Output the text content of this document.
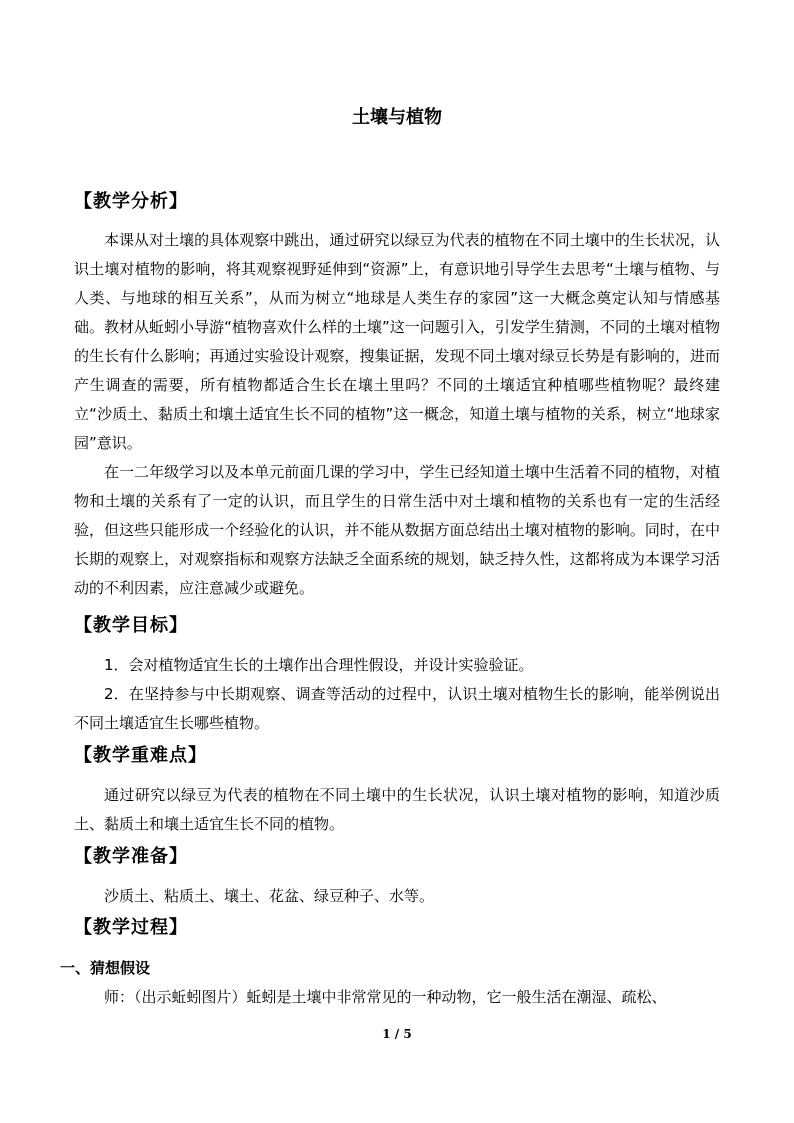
土壤与植物
【教学分析】

本课从对土壤的具体观察中跳出，通过研究以绿豆为代表的植物在不同土壤中的生长状况，认识土壤对植物的影响，将其观察视野延伸到“资源”上，有意识地引导学生去思考“土壤与植物、与人类、与地球的相互关系”，从而为树立“地球是人类生存的家园”这一大概念奠定认知与情感基础。教材从蚯蚓小导游“植物喜欢什么样的土壤”这一问题引入，引发学生猜测，不同的土壤对植物的生长有什么影响；再通过实验设计观察，搜集证据，发现不同土壤对绿豆长势是有影响的，进而产生调查的需要，所有植物都适合生长在壤土里吗？不同的土壤适宜种植哪些植物呢？最终建立“沙质土、黏质土和壤土适宜生长不同的植物”这一概念，知道土壤与植物的关系，树立“地球家园”意识。

在一二年级学习以及本单元前面几课的学习中，学生已经知道土壤中生活着不同的植物，对植物和土壤的关系有了一定的认识，而且学生的日常生活中对土壤和植物的关系也有一定的生活经验，但这些只能形成一个经验化的认识，并不能从数据方面总结出土壤对植物的影响。同时，在中长期的观察上，对观察指标和观察方法缺乏全面系统的规划，缺乏持久性，这都将成为本课学习活动的不利因素，应注意减少或避免。

【教学目标】

1．会对植物适宜生长的土壤作出合理性假设，并设计实验验证。

2．在坚持参与中长期观察、调查等活动的过程中，认识土壤对植物生长的影响，能举例说出不同土壤适宜生长哪些植物。

【教学重难点】

通过研究以绿豆为代表的植物在不同土壤中的生长状况，认识土壤对植物的影响，知道沙质土、黏质土和壤土适宜生长不同的植物。

【教学准备】

沙质土、粘质土、壤土、花盆、绿豆种子、水等。

【教学过程】
一、猜想假设

师：（出示蚯蚓图片）蚯蚓是土壤中非常常见的一种动物，它一般生活在潮湿、疏松、

1 / 5
